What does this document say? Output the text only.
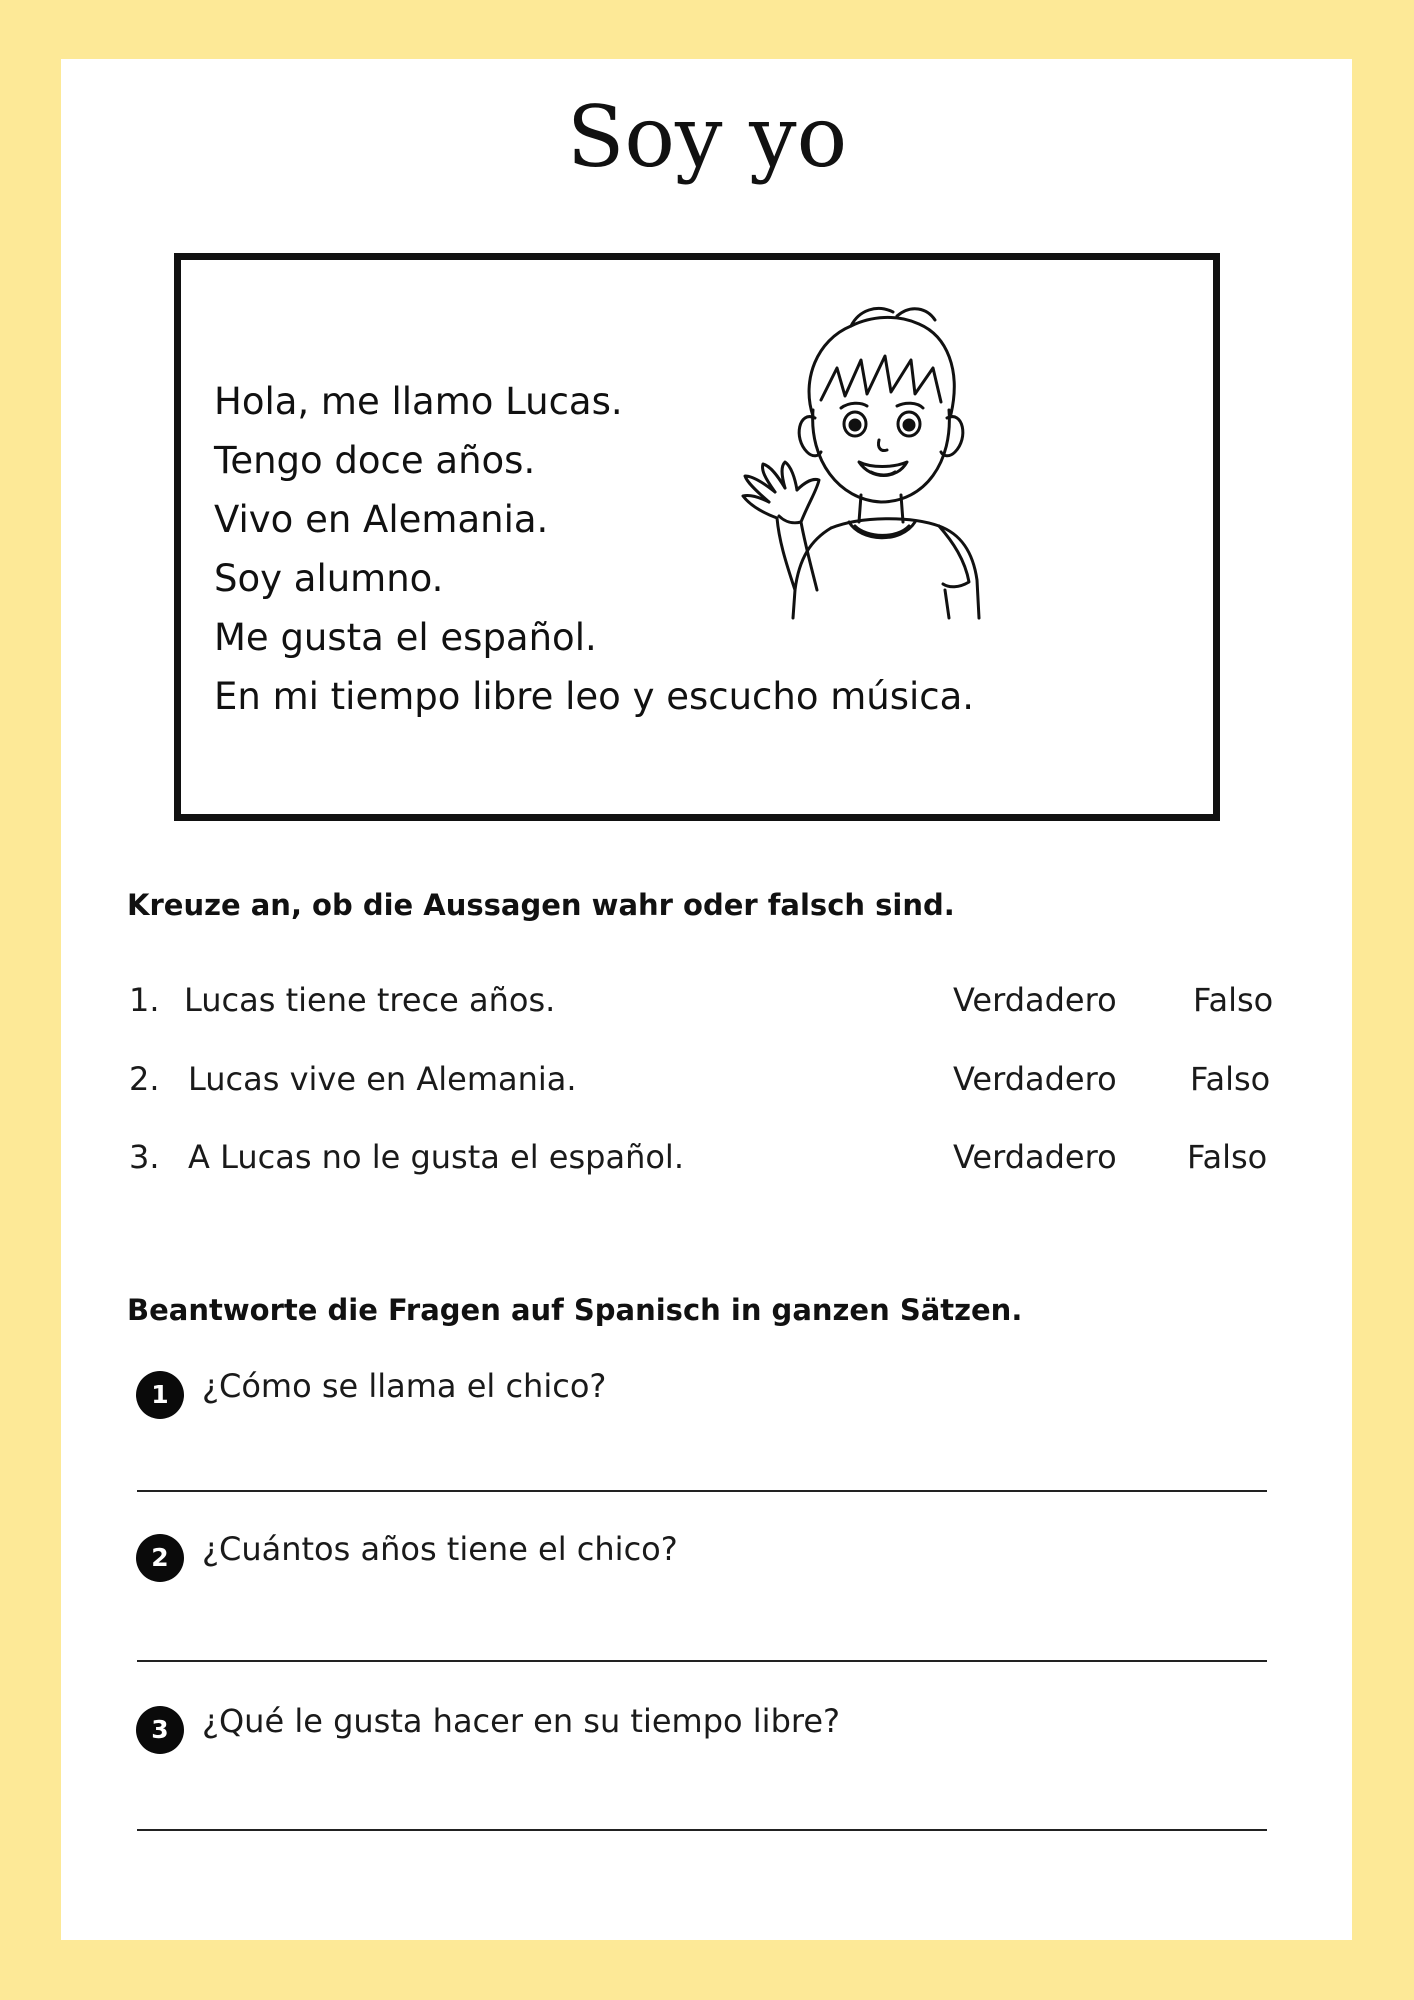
Soy yo
Hola, me llamo Lucas.
Tengo doce años.
Vivo en Alemania.
Soy alumno.
Me gusta el español.
En mi tiempo libre leo y escucho música.
Kreuze an, ob die Aussagen wahr oder falsch sind.
1. Lucas tiene trece años.	Verdadero Falso
2. Lucas vive en Alemania.	Verdadero Falso
3. A Lucas no le gusta el español.	Verdadero Falso
Beantworte die Fragen auf Spanisch in ganzen Sätzen.
1	¿Cómo se llama el chico?
2	¿Cuántos años tiene el chico?
3	¿Qué le gusta hacer en su tiempo libre?
